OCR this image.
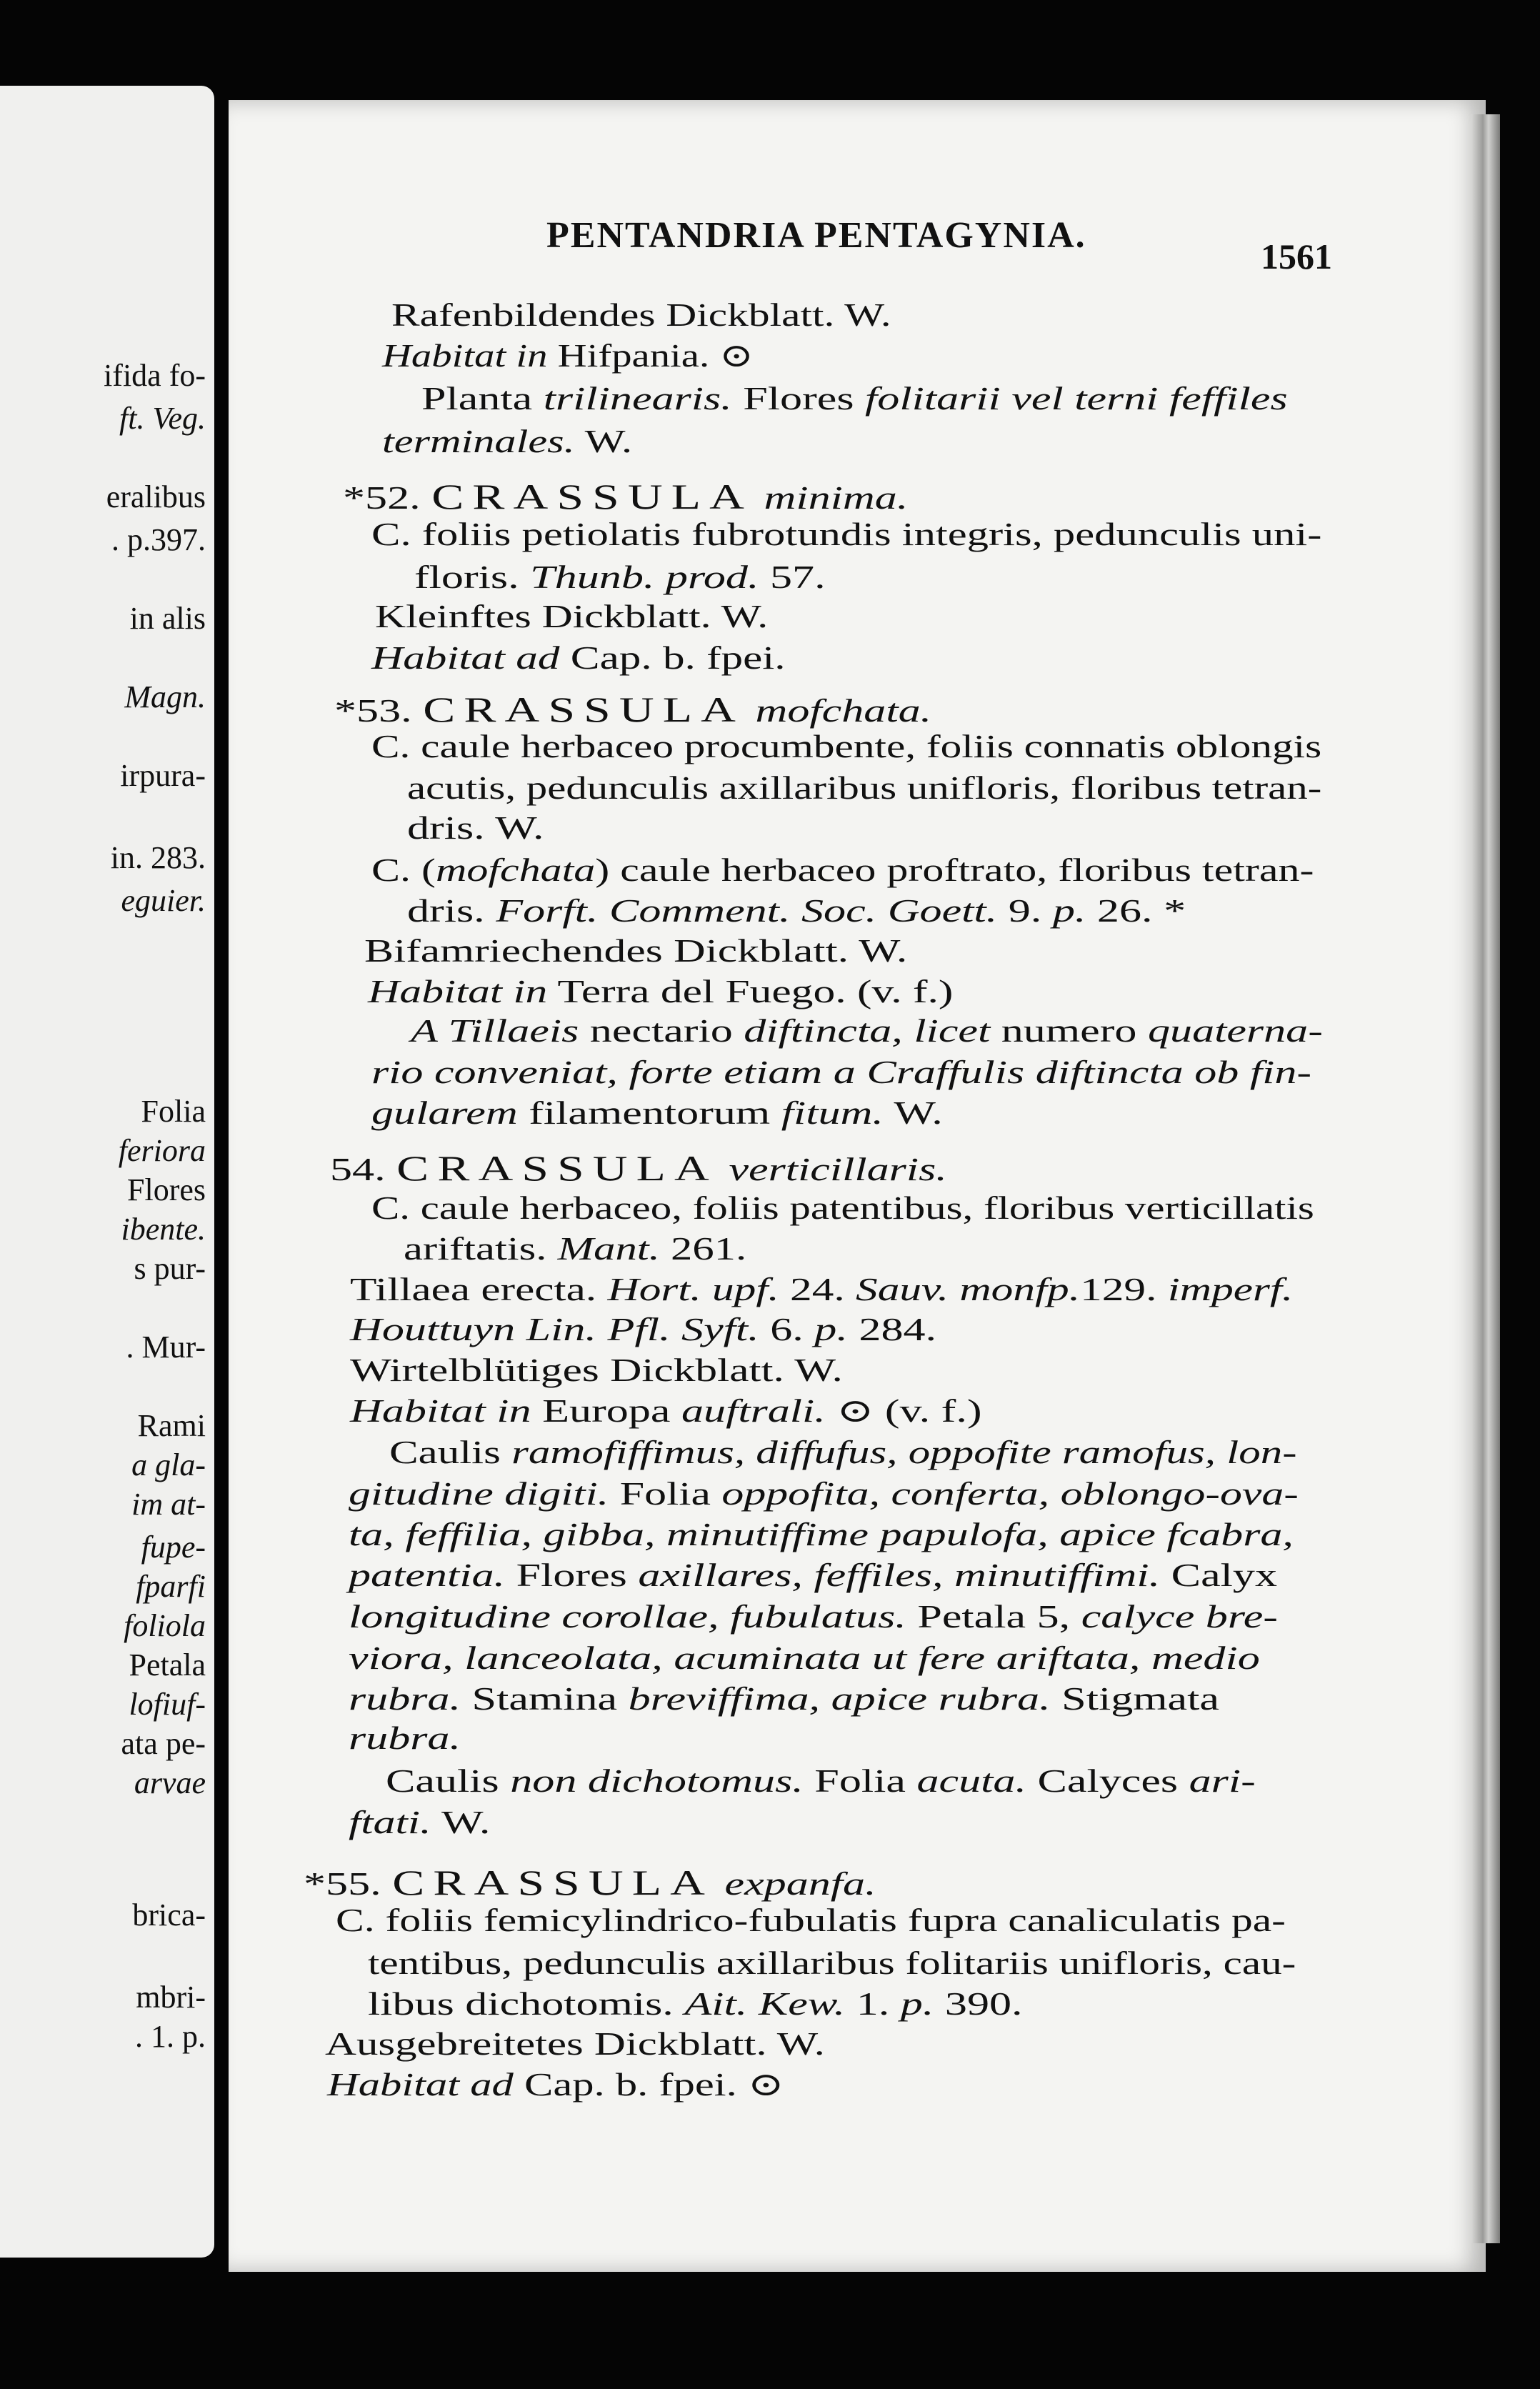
ifida fo-
ft. Veg.
eralibus
. p.397.
in alis
Magn.
irpura-
in. 283.
eguier.
Folia
feriora
Flores
ibente.
s pur-
. Mur-
Rami
a gla-
im at-
fupe-
fparfi
foliola
Petala
lofiuf-
ata pe-
arvae
brica-
mbri-
. 1. p.
PENTANDRIA PENTAGYNIA.
1561
Rafenbildendes Dickblatt. W.
Habitat in Hifpania. ⊙
Planta trilinearis. Flores folitarii vel terni feffiles
terminales. W.
*52. CRASSULA minima.
C. foliis petiolatis fubrotundis integris, pedunculis uni-
floris. Thunb. prod. 57.
Kleinftes Dickblatt. W.
Habitat ad Cap. b. fpei.
*53. CRASSULA mofchata.
C. caule herbaceo procumbente, foliis connatis oblongis
acutis, pedunculis axillaribus unifloris, floribus tetran-
dris. W.
C. (mofchata) caule herbaceo proftrato, floribus tetran-
dris. Forft. Comment. Soc. Goett. 9. p. 26. *
Bifamriechendes Dickblatt. W.
Habitat in Terra del Fuego. (v. f.)
A Tillaeis nectario diftincta, licet numero quaterna-
rio conveniat, forte etiam a Craffulis diftincta ob fin-
gularem filamentorum fitum. W.
54. CRASSULA verticillaris.
C. caule herbaceo, foliis patentibus, floribus verticillatis
ariftatis. Mant. 261.
Tillaea erecta. Hort. upf. 24. Sauv. monfp.129. imperf.
Houttuyn Lin. Pfl. Syft. 6. p. 284.
Wirtelblütiges Dickblatt. W.
Habitat in Europa auftrali. ⊙ (v. f.)
Caulis ramofiffimus, diffufus, oppofite ramofus, lon-
gitudine digiti. Folia oppofita, conferta, oblongo-ova-
ta, feffilia, gibba, minutiffime papulofa, apice fcabra,
patentia. Flores axillares, feffiles, minutiffimi. Calyx
longitudine corollae, fubulatus. Petala 5, calyce bre-
viora, lanceolata, acuminata ut fere ariftata, medio
rubra. Stamina breviffima, apice rubra. Stigmata
rubra.
Caulis non dichotomus. Folia acuta. Calyces ari-
ftati. W.
*55. CRASSULA expanfa.
C. foliis femicylindrico-fubulatis fupra canaliculatis pa-
tentibus, pedunculis axillaribus folitariis unifloris, cau-
libus dichotomis. Ait. Kew. 1. p. 390.
Ausgebreitetes Dickblatt. W.
Habitat ad Cap. b. fpei. ⊙
